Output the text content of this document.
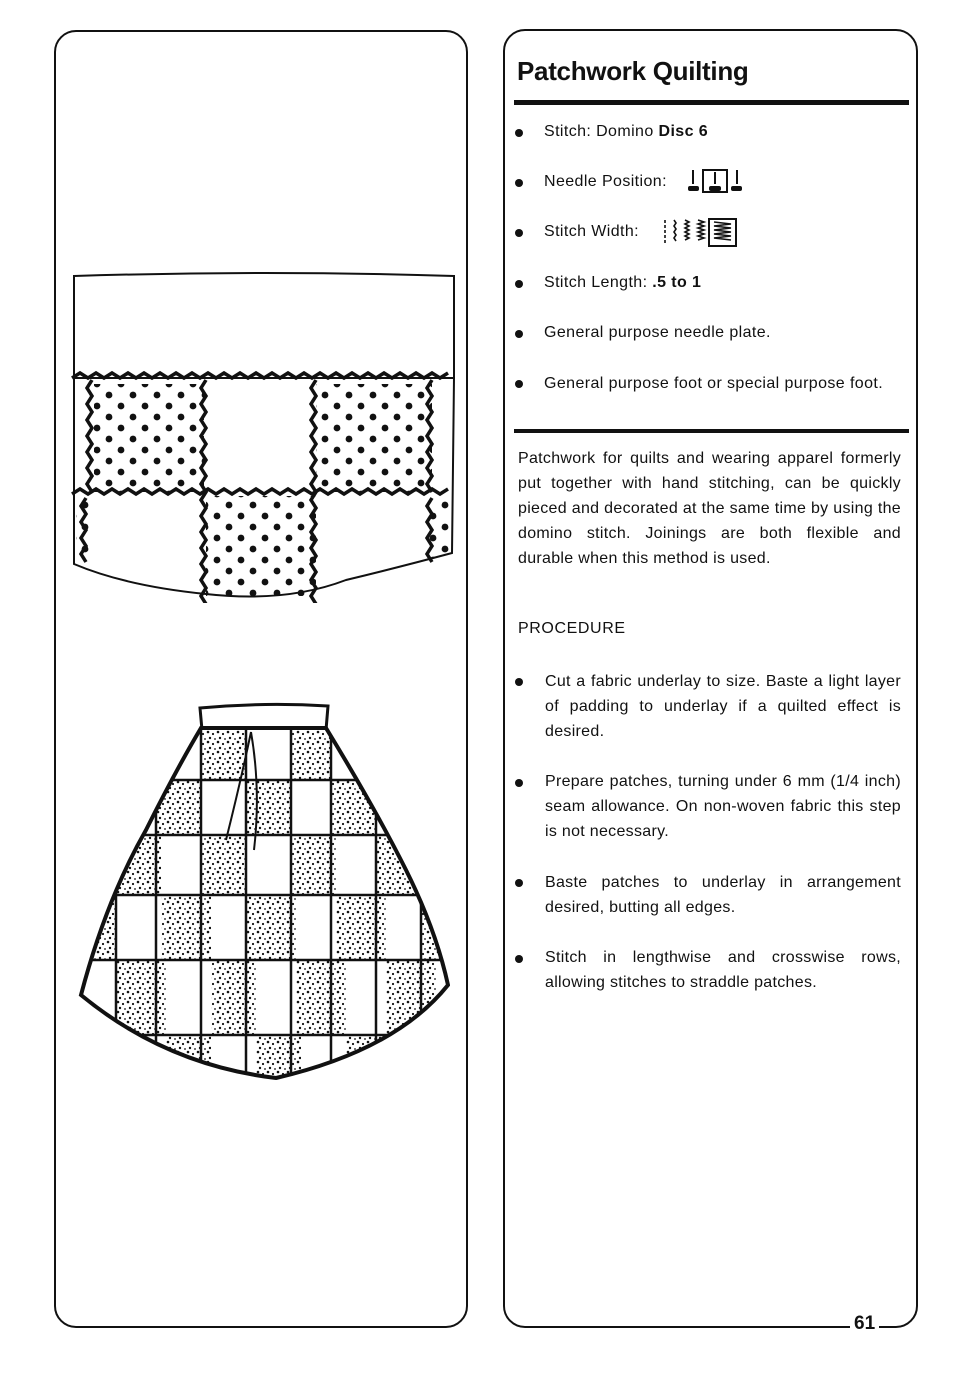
Patchwork Quilting
Stitch: Domino Disc 6
Needle Position:
Stitch Width:
Stitch Length: .5 to 1
General purpose needle plate.
General purpose foot or special purpose foot.
Patchwork for quilts and wearing apparel formerly put together with hand stitching, can be quickly pieced and decorated at the same time by using the domino stitch. Joinings are both flexible and durable when this method is used.
PROCEDURE
Cut a fabric underlay to size. Baste a light layer of padding to underlay if a quilted effect is desired.
Prepare patches, turning under 6 mm (1/4 inch) seam allowance. On non-woven fabric this step is not necessary.
Baste patches to underlay in arrangement desired, butting all edges.
Stitch in lengthwise and crosswise rows, allowing stitches to straddle patches.
61
